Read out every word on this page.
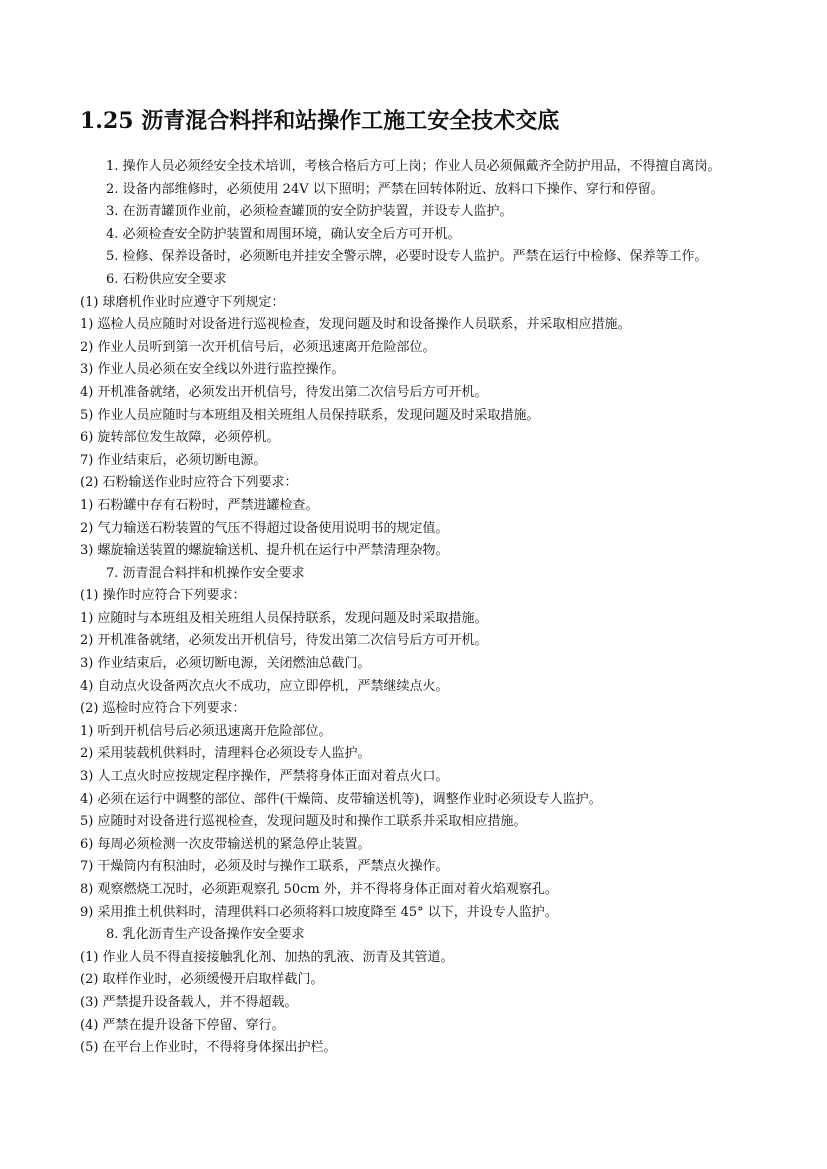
1.25 沥青混合料拌和站操作工施工安全技术交底

1. 操作人员必须经安全技术培训，考核合格后方可上岗；作业人员必须佩戴齐全防护用品，不得擅自离岗。

2. 设备内部维修时，必须使用 24V 以下照明；严禁在回转体附近、放料口下操作、穿行和停留。

3. 在沥青罐顶作业前，必须检查罐顶的安全防护装置，并设专人监护。

4. 必须检查安全防护装置和周围环境，确认安全后方可开机。

5. 检修、保养设备时，必须断电并挂安全警示牌，必要时设专人监护。严禁在运行中检修、保养等工作。

6. 石粉供应安全要求

(1) 球磨机作业时应遵守下列规定：

1) 巡检人员应随时对设备进行巡视检查，发现问题及时和设备操作人员联系，并采取相应措施。

2) 作业人员听到第一次开机信号后，必须迅速离开危险部位。

3) 作业人员必须在安全线以外进行监控操作。

4) 开机准备就绪，必须发出开机信号，待发出第二次信号后方可开机。

5) 作业人员应随时与本班组及相关班组人员保持联系，发现问题及时采取措施。

6) 旋转部位发生故障，必须停机。

7) 作业结束后，必须切断电源。

(2) 石粉输送作业时应符合下列要求：

1) 石粉罐中存有石粉时，严禁进罐检查。

2) 气力输送石粉装置的气压不得超过设备使用说明书的规定值。

3) 螺旋输送装置的螺旋输送机、提升机在运行中严禁清理杂物。

7. 沥青混合料拌和机操作安全要求

(1) 操作时应符合下列要求：

1) 应随时与本班组及相关班组人员保持联系，发现问题及时采取措施。

2) 开机准备就绪，必须发出开机信号，待发出第二次信号后方可开机。

3) 作业结束后，必须切断电源，关闭燃油总截门。

4) 自动点火设备两次点火不成功，应立即停机，严禁继续点火。

(2) 巡检时应符合下列要求：

1) 听到开机信号后必须迅速离开危险部位。

2) 采用装载机供料时，清理料仓必须设专人监护。

3) 人工点火时应按规定程序操作，严禁将身体正面对着点火口。

4) 必须在运行中调整的部位、部件(干燥筒、皮带输送机等)，调整作业时必须设专人监护。

5) 应随时对设备进行巡视检查，发现问题及时和操作工联系并采取相应措施。

6) 每周必须检测一次皮带输送机的紧急停止装置。

7) 干燥筒内有积油时，必须及时与操作工联系，严禁点火操作。

8) 观察燃烧工况时，必须距观察孔 50cm 外，并不得将身体正面对着火焰观察孔。

9) 采用推土机供料时，清理供料口必须将料口坡度降至 45° 以下，并设专人监护。

8. 乳化沥青生产设备操作安全要求

(1) 作业人员不得直接接触乳化剂、加热的乳液、沥青及其管道。

(2) 取样作业时，必须缓慢开启取样截门。

(3) 严禁提升设备载人，并不得超载。

(4) 严禁在提升设备下停留、穿行。

(5) 在平台上作业时，不得将身体探出护栏。
